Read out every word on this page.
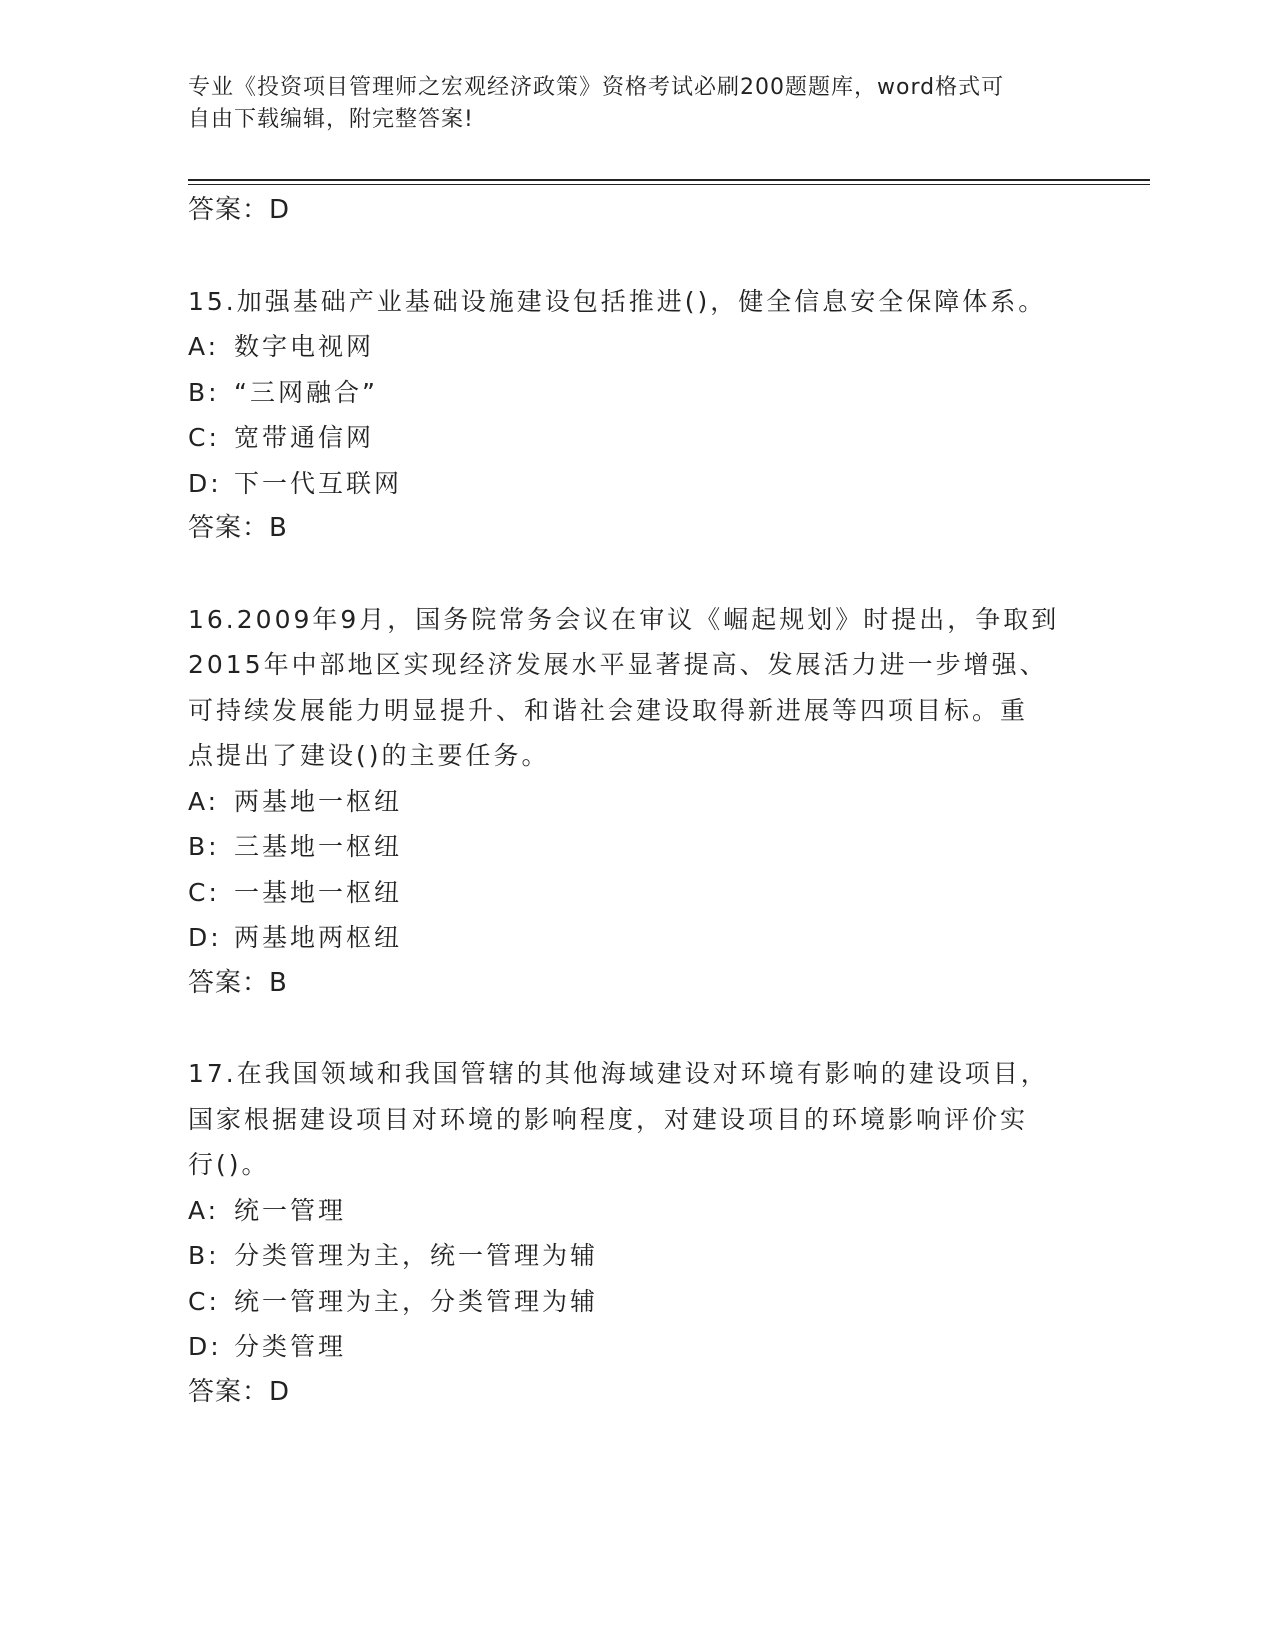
专业《投资项目管理师之宏观经济政策》资格考试必刷200题题库，word格式可
自由下载编辑，附完整答案!
答案：D
15.加强基础产业基础设施建设包括推进()，健全信息安全保障体系。
A: 数字电视网
B: “三网融合”
C: 宽带通信网
D: 下一代互联网
答案：B
16.2009年9月，国务院常务会议在审议《崛起规划》时提出，争取到
2015年中部地区实现经济发展水平显著提高、发展活力进一步增强、
可持续发展能力明显提升、和谐社会建设取得新进展等四项目标。重
点提出了建设()的主要任务。
A: 两基地一枢纽
B: 三基地一枢纽
C: 一基地一枢纽
D: 两基地两枢纽
答案：B
17.在我国领域和我国管辖的其他海域建设对环境有影响的建设项目，
国家根据建设项目对环境的影响程度，对建设项目的环境影响评价实
行()。
A: 统一管理
B: 分类管理为主，统一管理为辅
C: 统一管理为主，分类管理为辅
D: 分类管理
答案：D
